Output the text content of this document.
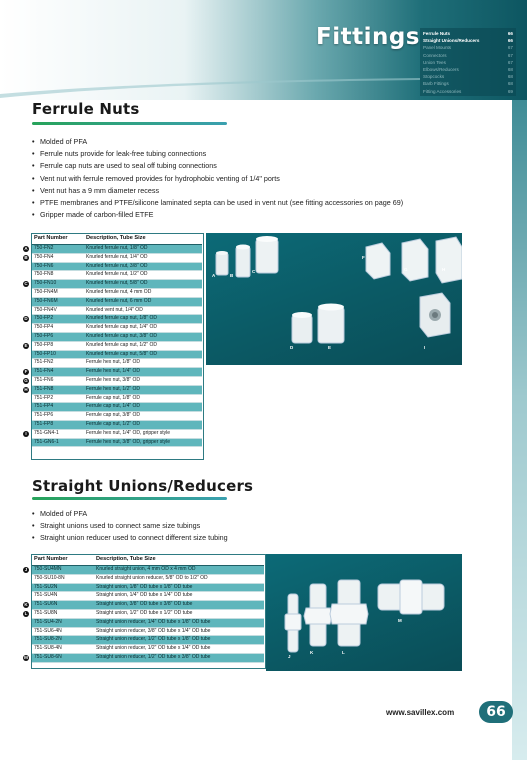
Fittings Ferrule Nuts	66
Straight Unions/Reducers	66
Panel Mounts	67
Connectors	67
Union Tees	67
Elbows/Reducers	68
Stopcocks	68
Barb Fittings	68
Fitting Accessories	69
Ferrule Nuts
• Molded of PFA
• Ferrule nuts provide for leak-free tubing connections
• Ferrule cap nuts are used to seal off tubing connections
• Vent nut with ferrule removed provides for hydrophobic venting of 1/4" ports
• Vent nut has a 9 mm diameter recess
• PTFE membranes and PTFE/silicone laminated septa can be used in vent nut (see fitting accessories on page 69)
• Gripper made of carbon-filled ETFE
Part Number	Description, Tube Size
750-FN2	Knurled ferrule nut, 1/8" OD
750-FN4	Knurled ferrule nut, 1/4" OD
750-FN6	Knurled ferrule nut, 3/8" OD
750-FN8	Knurled ferrule nut, 1/2" OD
750-FN10	Knurled ferrule nut, 5/8" OD
750-FN4M	Knurled ferrule nut, 4 mm OD
750-FN6M	Knurled ferrule nut, 6 mm OD
750-FN4V	Knurled vent nut, 1/4" OD
750-FP2	Knurled ferrule cap nut, 1/8" OD
750-FP4	Knurled ferrule cap nut, 1/4" OD
750-FP6	Knurled ferrule cap nut, 3/8" OD
750-FP8	Knurled ferrule cap nut, 1/2" OD
750-FP10	Knurled ferrule cap nut, 5/8" OD
751-FN2	Ferrule hex nut, 1/8" OD
751-FN4	Ferrule hex nut, 1/4" OD
751-FN6	Ferrule hex nut, 3/8" OD
751-FN8	Ferrule hex nut, 1/2" OD
751-FP2	Ferrule cap nut, 1/8" OD
751-FP4	Ferrule cap nut, 1/4" OD
751-FP6	Ferrule cap nut, 3/8" OD
751-FP8	Ferrule cap nut, 1/2" OD
751-GN4-1	Ferrule hex nut, 1/4" OD, gripper style
751-GN6-1	Ferrule hex nut, 3/8" OD, gripper style
A
B
C
D
E
F
G
H
I
A	B
C
D	E
F
G	H
I
Straight Unions/Reducers
• Molded of PFA
• Straight unions used to connect same size tubings
• Straight union reducer used to connect different size tubing
Part Number	Description, Tube Size
750-SU4MN	Knurled straight union, 4 mm OD x 4 mm OD
750-SU10-8N	Knurled straight union reducer, 5/8" OD to 1/2" OD
751-SU2N	Straight union, 1/8" OD tube x 1/8" OD tube
751-SU4N	Straight union, 1/4" OD tube x 1/4" OD tube
751-SU6N	Straight union, 3/8" OD tube x 3/8" OD tube
751-SU8N	Straight union, 1/2" OD tube x 1/2" OD tube
751-SU4-2N	Straight union reducer, 1/4" OD tube x 1/8" OD tube
751-SU6-4N	Straight union reducer, 3/8" OD tube x 1/4" OD tube
751-SU8-2N	Straight union reducer, 1/2" OD tube x 1/8" OD tube
751-SU8-4N	Straight union reducer, 1/2" OD tube x 1/4" OD tube
751-SU8-6N	Straight union reducer, 1/2" OD tube x 3/8" OD tube
J
K
L
M	J
K	L
M
www.savillex.com	66
